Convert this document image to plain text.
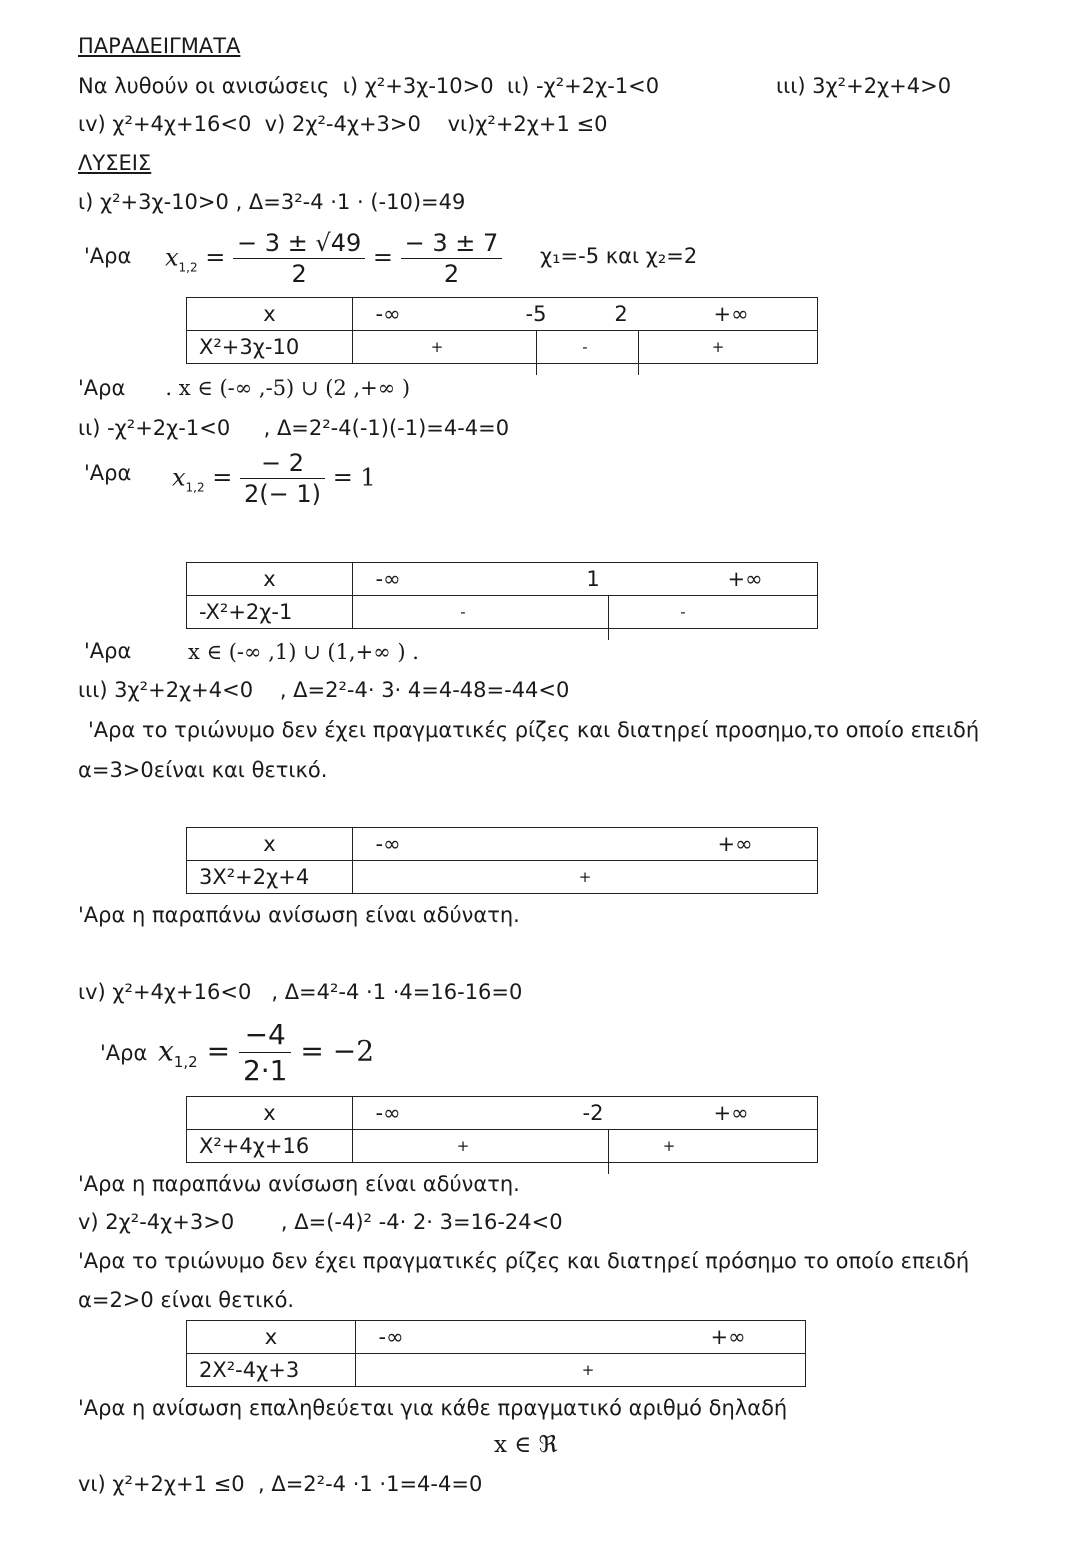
ΠΑΡΑΔΕΙΓΜΑΤΑ
Να λυθούν οι ανισώσεις ι) χ²+3χ-10>0 ιι) -χ²+2χ-1<0	ιιι) 3χ²+2χ+4>0
ιv) χ²+4χ+16<0 v) 2χ²-4χ+3>0 vι)χ²+2χ+1 ≤0
ΛΥΣΕΙΣ
ι) χ²+3χ-10>0 , Δ=3²-4 ·1 · (-10)=49
'Αρα $x_{1,2} = \frac{- 3 \pm √49}{2} = \frac{- 3 \pm 7}{2} \chi_1=-5$ και χ₂=2
x	-∞ -5 2 +∞

X²+3χ-10	+ - +
'Αρα . x ∈ (-∞ ,-5) ∪ (2 ,+∞ )
ιι) -χ²+2χ-1<0 , Δ=2²-4(-1)(-1)=4-4=0
'Αρα $x_{1,2} = \frac{- 2}{2(- 1)} = 1$
x	-∞ 1 +∞

-X²+2χ-1	- -
'Αρα	x ∈ (-∞ ,1) ∪ (1,+∞ ) .
ιιι) 3χ²+2χ+4<0 , Δ=2²-4· 3· 4=4-48=-44<0
'Αρα το τριώνυμο δεν έχει πραγματικές ρίζες και διατηρεί προσημο,το οποίο επειδή
α=3>0είναι και θετικό.
x	-∞ +∞

3X²+2χ+4	+
'Αρα η παραπάνω ανίσωση είναι αδύνατη.
ιv) χ²+4χ+16<0 , Δ=4²-4 ·1 ·4=16-16=0
'Αρα $x_{1,2} = \frac{-4}{2\cdot 1} = -2$
x	-∞ -2 +∞

X²+4χ+16	+ +
'Αρα η παραπάνω ανίσωση είναι αδύνατη.
v) 2χ²-4χ+3>0 , Δ=(-4)² -4· 2· 3=16-24<0
'Αρα το τριώνυμο δεν έχει πραγματικές ρίζες και διατηρεί πρόσημο το οποίο επειδή
α=2>0 είναι θετικό.
x	-∞ +∞

2X²-4χ+3	+
'Αρα η ανίσωση επαληθεύεται για κάθε πραγματικό αριθμό δηλαδή
x ∈ ℜ
vι) χ²+2χ+1 ≤0 , Δ=2²-4 ·1 ·1=4-4=0
